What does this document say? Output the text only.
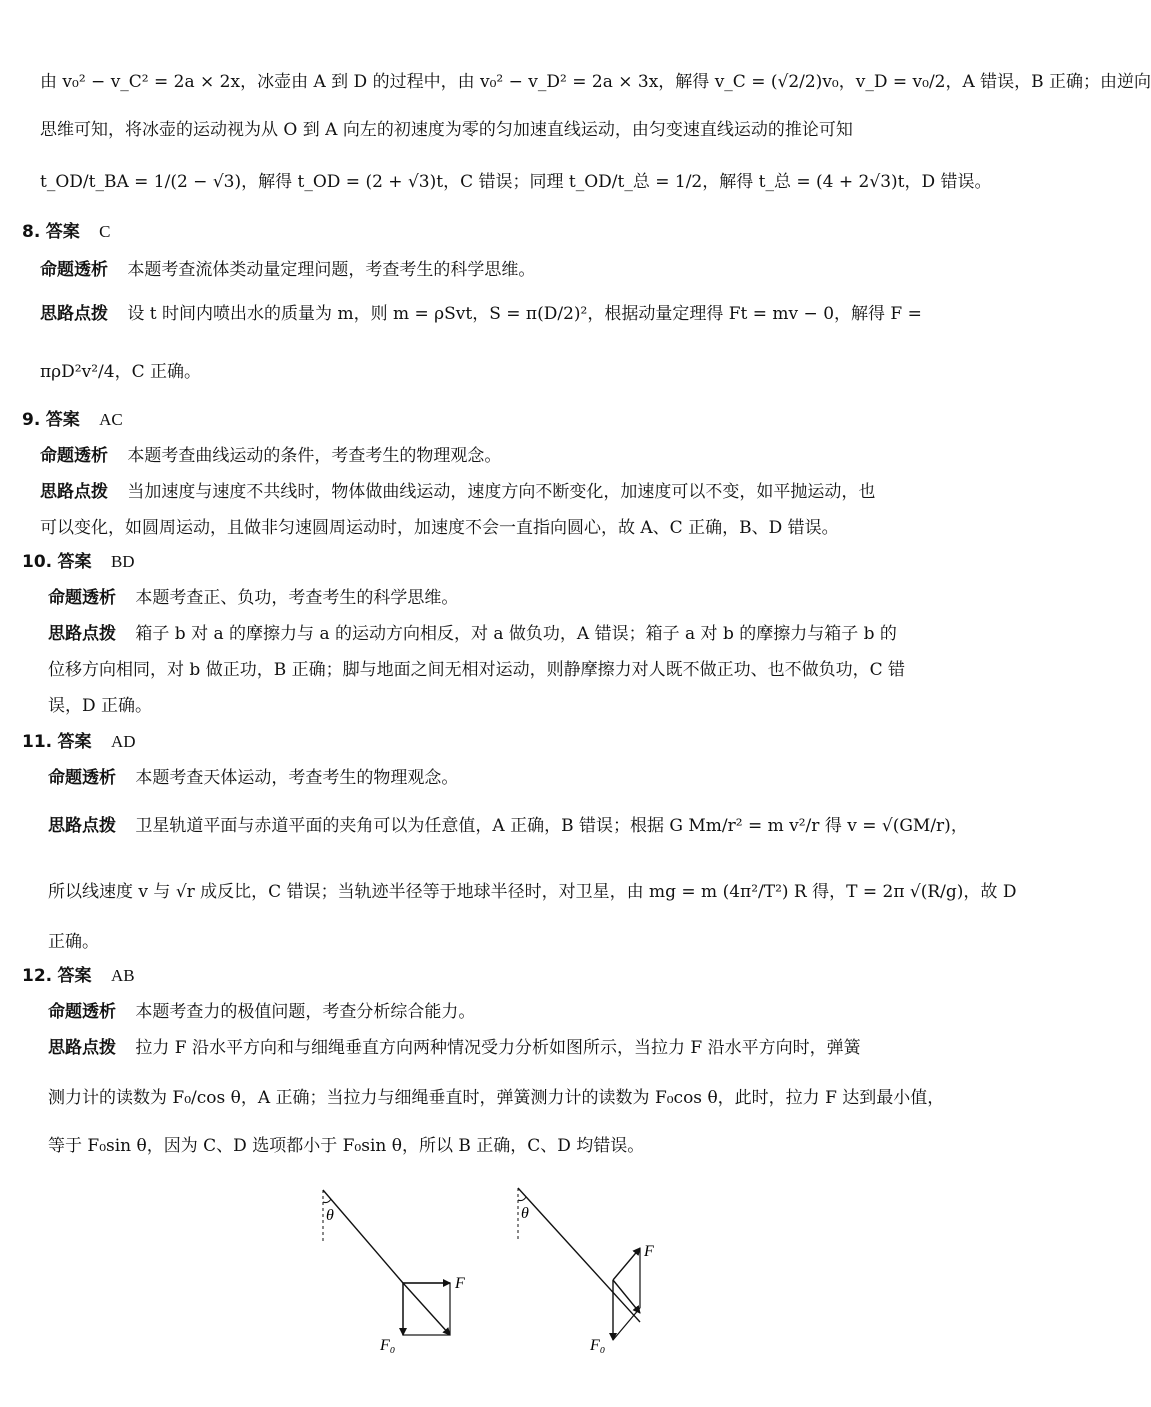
由 v₀² − v_C² = 2a × 2x，冰壶由 A 到 D 的过程中，由 v₀² − v_D² = 2a × 3x，解得 v_C = (√2/2)v₀，v_D = v₀/2，A 错误，B 正确；由逆向
思维可知，将冰壶的运动视为从 O 到 A 向左的初速度为零的匀加速直线运动，由匀变速直线运动的推论可知
t_OD/t_BA = 1/(2 − √3)，解得 t_OD = (2 + √3)t，C 错误；同理 t_OD/t_总 = 1/2，解得 t_总 = (4 + 2√3)t，D 错误。
8. 答案 C
命题透析 本题考查流体类动量定理问题，考查考生的科学思维。
思路点拨 设 t 时间内喷出水的质量为 m，则 m = ρSvt，S = π(D/2)²，根据动量定理得 Ft = mv − 0，解得 F =
πρD²v²/4，C 正确。
9. 答案 AC
命题透析 本题考查曲线运动的条件，考查考生的物理观念。
思路点拨 当加速度与速度不共线时，物体做曲线运动，速度方向不断变化，加速度可以不变，如平抛运动，也
可以变化，如圆周运动，且做非匀速圆周运动时，加速度不会一直指向圆心，故 A、C 正确，B、D 错误。
10. 答案 BD
命题透析 本题考查正、负功，考查考生的科学思维。
思路点拨 箱子 b 对 a 的摩擦力与 a 的运动方向相反，对 a 做负功，A 错误；箱子 a 对 b 的摩擦力与箱子 b 的
位移方向相同，对 b 做正功，B 正确；脚与地面之间无相对运动，则静摩擦力对人既不做正功、也不做负功，C 错
误，D 正确。
11. 答案 AD
命题透析 本题考查天体运动，考查考生的物理观念。
思路点拨 卫星轨道平面与赤道平面的夹角可以为任意值，A 正确，B 错误；根据 G Mm/r² = m v²/r 得 v = √(GM/r)，
所以线速度 v 与 √r 成反比，C 错误；当轨迹半径等于地球半径时，对卫星，由 mg = m (4π²/T²) R 得，T = 2π √(R/g)，故 D
正确。
12. 答案 AB
命题透析 本题考查力的极值问题，考查分析综合能力。
思路点拨 拉力 F 沿水平方向和与细绳垂直方向两种情况受力分析如图所示，当拉力 F 沿水平方向时，弹簧
测力计的读数为 F₀/cos θ，A 正确；当拉力与细绳垂直时，弹簧测力计的读数为 F₀cos θ，此时，拉力 F 达到最小值，
等于 F₀sin θ，因为 C、D 选项都小于 F₀sin θ，所以 B 正确，C、D 均错误。
θ
F
F₀
θ
F
F₀
